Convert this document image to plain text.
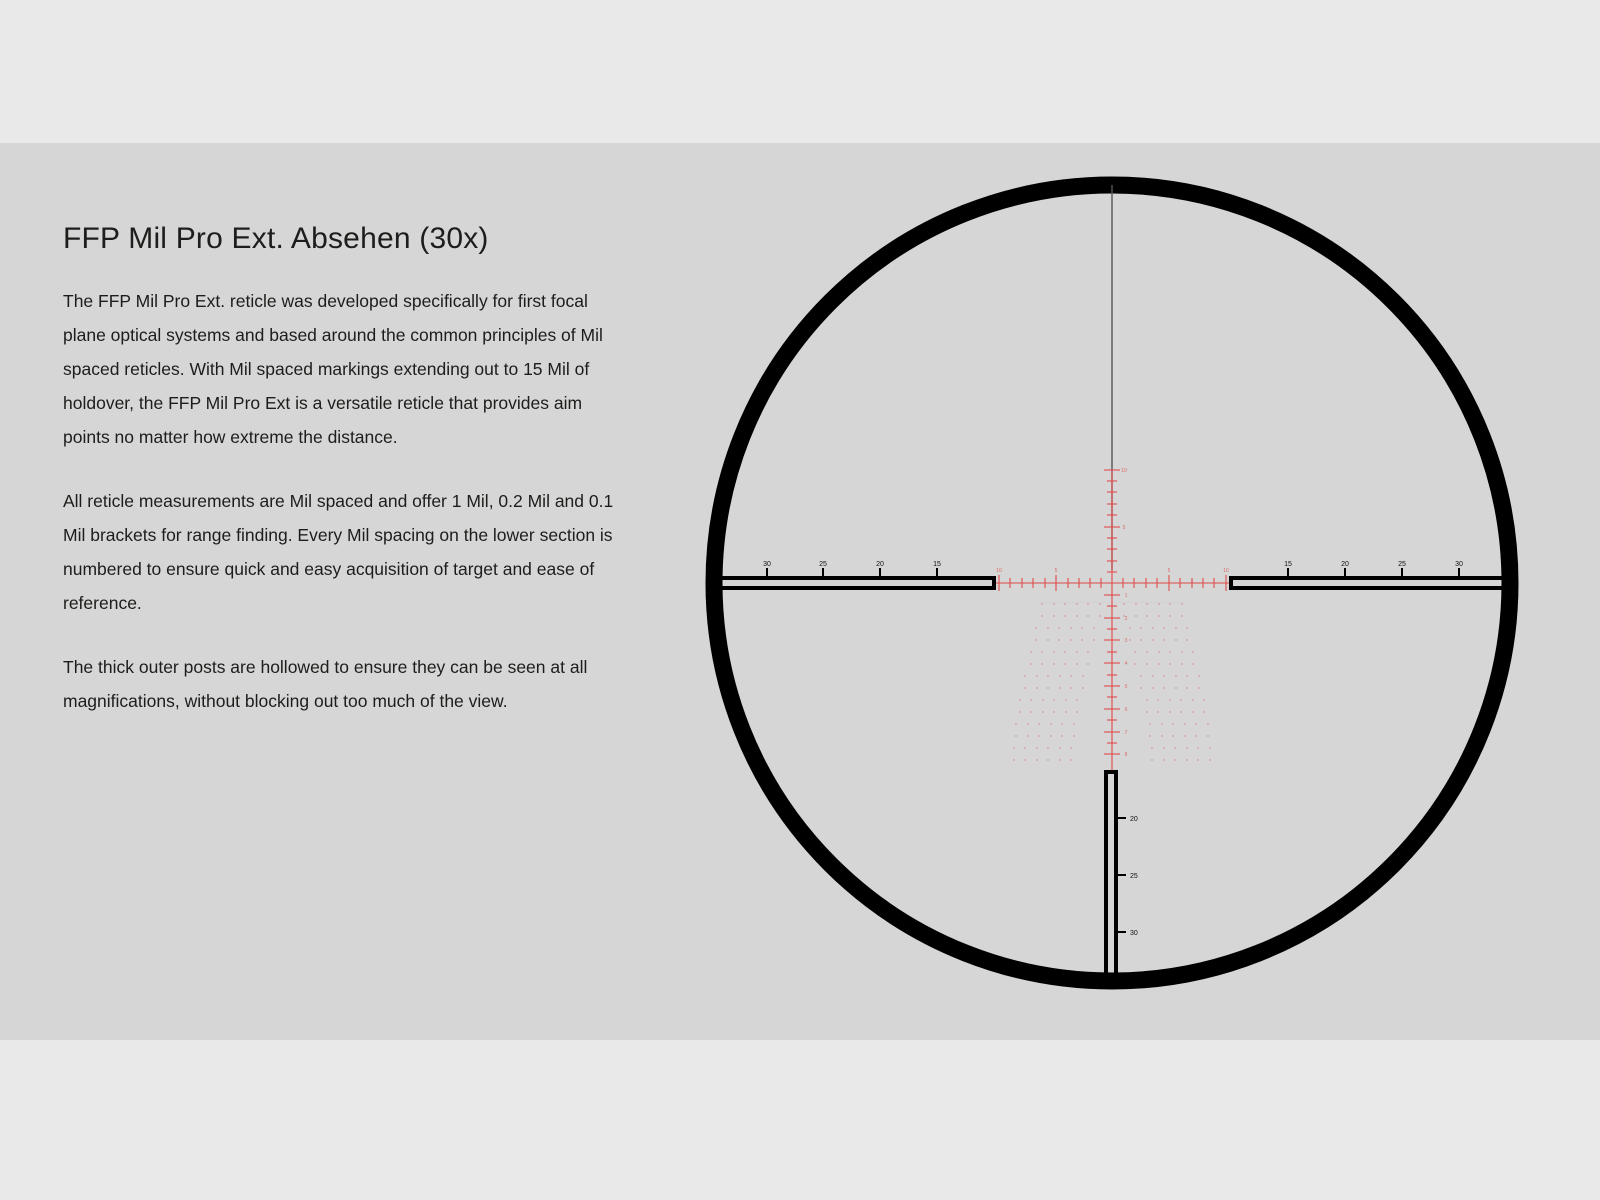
FFP Mil Pro Ext. Absehen (30x)

The FFP Mil Pro Ext. reticle was developed specifically for first focal plane optical systems and based around the common principles of Mil spaced reticles. With Mil spaced markings extending out to 15 Mil of holdover, the FFP Mil Pro Ext is a versatile reticle that provides aim points no matter how extreme the distance.

All reticle measurements are Mil spaced and offer 1 Mil, 0.2 Mil and 0.1 Mil brackets for range finding. Every Mil spacing on the lower section is numbered to ensure quick and easy acquisition of target and ease of reference.

The thick outer posts are hollowed to ensure they can be seen at all magnifications, without blocking out too much of the view.

30	25	20	15	15	20	25	30
20
25
30
1
2
3
4
5
6
7
8
10
5
10	5	5	10
